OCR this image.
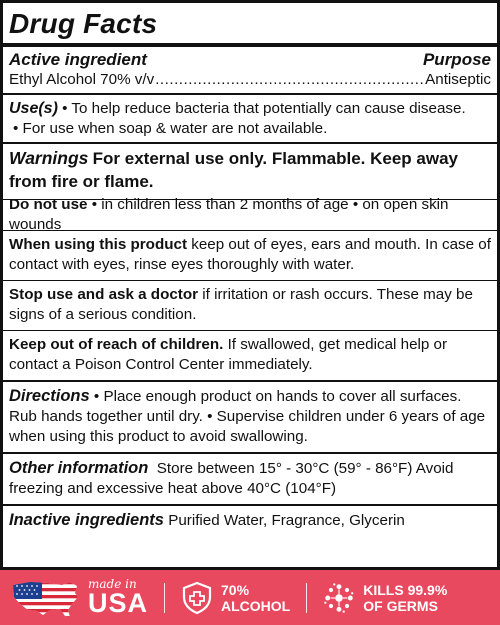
Drug Facts
Active ingredient	Purpose
Ethyl Alcohol 70% v/v
.....	Antiseptic
Use(s) • To help reduce bacteria that potentially can cause disease.
• For use when soap & water are not available.
Warnings For external use only. Flammable. Keep away from fire or flame.
Do not use • in children less than 2 months of age • on open skin wounds
When using this product keep out of eyes, ears and mouth. In case of contact with eyes, rinse eyes thoroughly with water.
Stop use and ask a doctor if irritation or rash occurs. These may be signs of a serious condition.
Keep out of reach of children. If swallowed, get medical help or contact a Poison Control Center immediately.
Directions • Place enough product on hands to cover all surfaces. Rub hands together until dry. • Supervise children under 6 years of age when using this product to avoid swallowing.
Other information Store between 15° - 30°C (59° - 86°F) Avoid freezing and excessive heat above 40°C (104°F)
Inactive ingredients Purified Water, Fragrance, Glycerin
made in
USA	70%
ALCOHOL
KILLS 99.9%
OF GERMS
